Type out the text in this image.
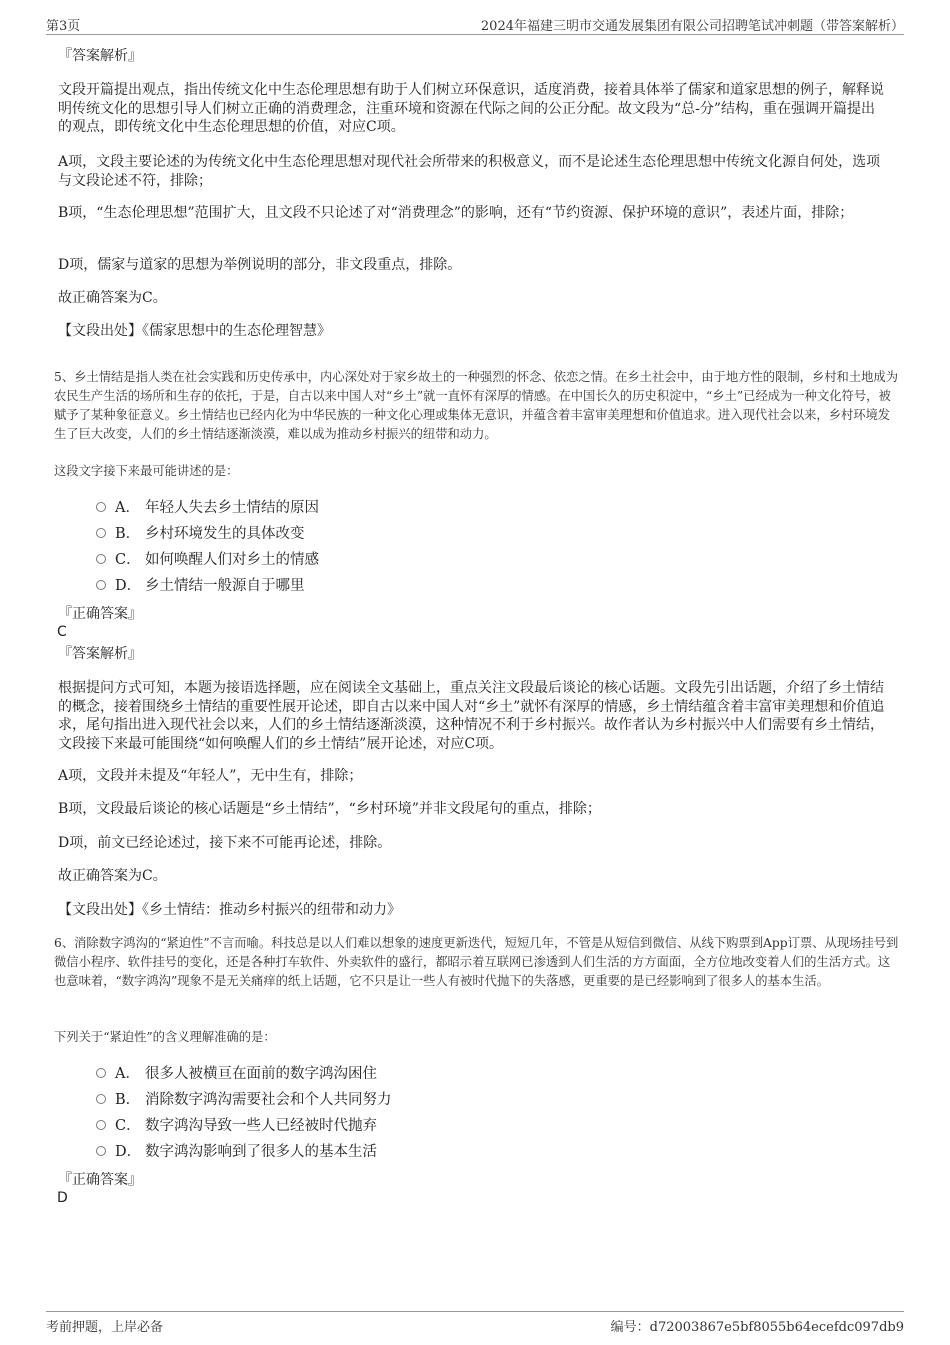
第3页	2024年福建三明市交通发展集团有限公司招聘笔试冲刺题（带答案解析）
『答案解析』
文段开篇提出观点，指出传统文化中生态伦理思想有助于人们树立环保意识，适度消费，接着具体举了儒家和道家思想的例子，解释说明传统文化的思想引导人们树立正确的消费理念，注重环境和资源在代际之间的公正分配。故文段为“总-分”结构，重在强调开篇提出的观点，即传统文化中生态伦理思想的价值，对应C项。
A项，文段主要论述的为传统文化中生态伦理思想对现代社会所带来的积极意义，而不是论述生态伦理思想中传统文化源自何处，选项与文段论述不符，排除；
B项，“生态伦理思想”范围扩大，且文段不只论述了对“消费理念”的影响，还有“节约资源、保护环境的意识”，表述片面，排除；
D项，儒家与道家的思想为举例说明的部分，非文段重点，排除。
故正确答案为C。
【文段出处】《儒家思想中的生态伦理智慧》
5、乡土情结是指人类在社会实践和历史传承中，内心深处对于家乡故土的一种强烈的怀念、依恋之情。在乡土社会中，由于地方性的限制，乡村和土地成为农民生产生活的场所和生存的依托，于是，自古以来中国人对“乡土”就一直怀有深厚的情感。在中国长久的历史积淀中，“乡土”已经成为一种文化符号，被赋予了某种象征意义。乡土情结也已经内化为中华民族的一种文化心理或集体无意识，并蕴含着丰富审美理想和价值追求。进入现代社会以来，乡村环境发生了巨大改变，人们的乡土情结逐渐淡漠，难以成为推动乡村振兴的纽带和动力。
这段文字接下来最可能讲述的是：
A． 年轻人失去乡土情结的原因
B． 乡村环境发生的具体改变
C． 如何唤醒人们对乡土的情感
D． 乡土情结一般源自于哪里
『正确答案』
C
『答案解析』
根据提问方式可知，本题为接语选择题，应在阅读全文基础上，重点关注文段最后谈论的核心话题。文段先引出话题，介绍了乡土情结的概念，接着围绕乡土情结的重要性展开论述，即自古以来中国人对“乡土”就怀有深厚的情感，乡土情结蕴含着丰富审美理想和价值追求，尾句指出进入现代社会以来，人们的乡土情结逐渐淡漠，这种情况不利于乡村振兴。故作者认为乡村振兴中人们需要有乡土情结，文段接下来最可能围绕“如何唤醒人们的乡土情结”展开论述，对应C项。
A项，文段并未提及“年轻人”，无中生有，排除；
B项，文段最后谈论的核心话题是“乡土情结”，“乡村环境”并非文段尾句的重点，排除；
D项，前文已经论述过，接下来不可能再论述，排除。
故正确答案为C。
【文段出处】《乡土情结：推动乡村振兴的纽带和动力》
6、消除数字鸿沟的“紧迫性”不言而喻。科技总是以人们难以想象的速度更新迭代，短短几年，不管是从短信到微信、从线下购票到App订票、从现场挂号到微信小程序、软件挂号的变化，还是各种打车软件、外卖软件的盛行，都昭示着互联网已渗透到人们生活的方方面面，全方位地改变着人们的生活方式。这也意味着，“数字鸿沟”现象不是无关痛痒的纸上话题，它不只是让一些人有被时代抛下的失落感，更重要的是已经影响到了很多人的基本生活。
下列关于“紧迫性”的含义理解准确的是：
A． 很多人被横亘在面前的数字鸿沟困住
B． 消除数字鸿沟需要社会和个人共同努力
C． 数字鸿沟导致一些人已经被时代抛弃
D． 数字鸿沟影响到了很多人的基本生活
『正确答案』
D
考前押题，上岸必备	编号：d72003867e5bf8055b64ecefdc097db9
